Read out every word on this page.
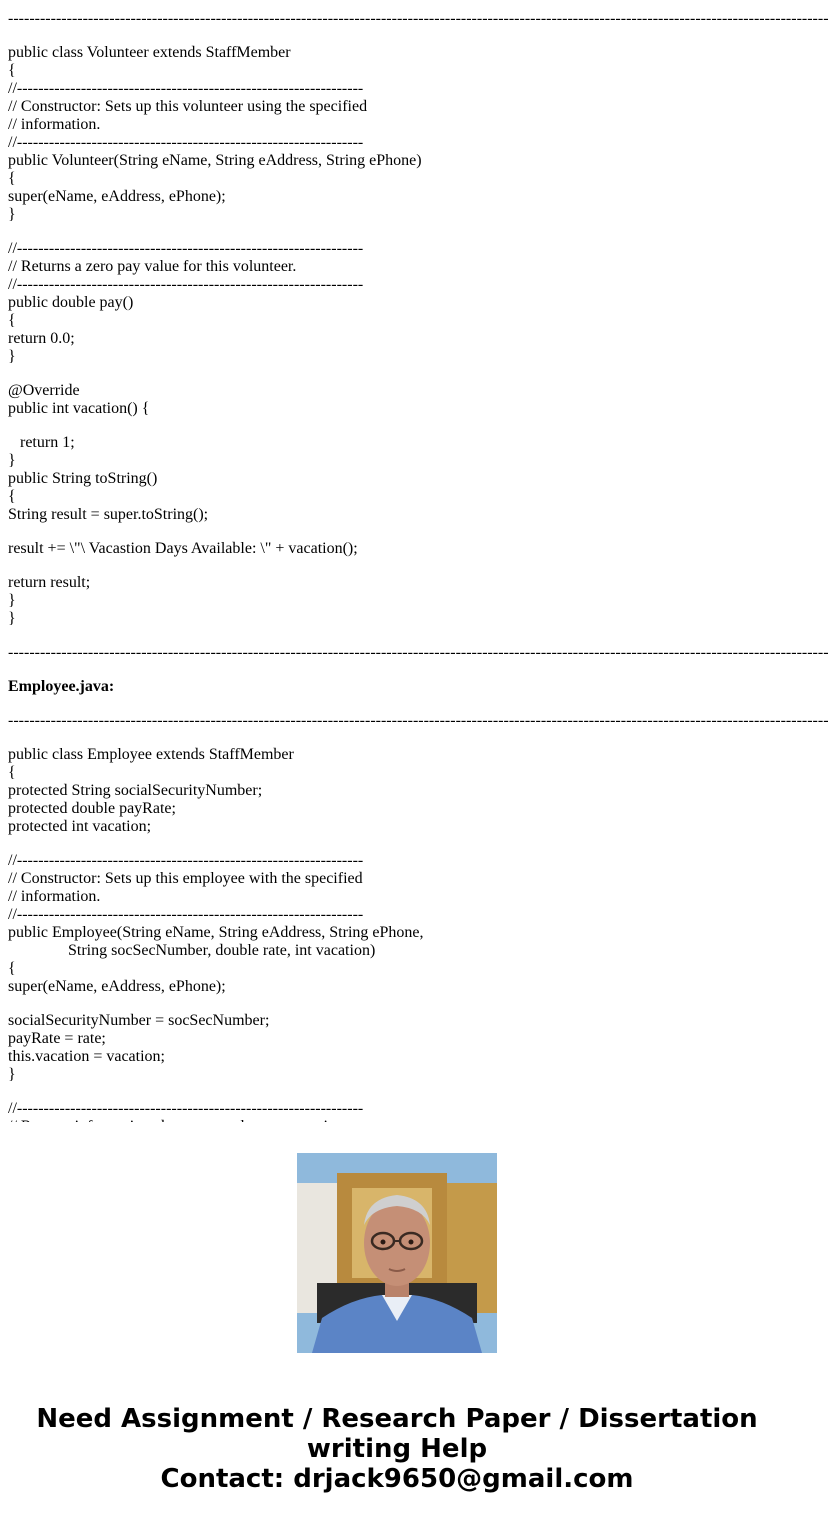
----------------------------------------------------------------------------------------------------------------------------------------------------------
public class Volunteer extends StaffMember
{
//-----------------------------------------------------------------
// Constructor: Sets up this volunteer using the specified
// information.
//-----------------------------------------------------------------
public Volunteer(String eName, String eAddress, String ePhone)
{
super(eName, eAddress, ePhone);
}
//-----------------------------------------------------------------
// Returns a zero pay value for this volunteer.
//-----------------------------------------------------------------
public double pay()
{
return 0.0;
}
@Override
public int vacation() {
return 1;
}
public String toString()
{
String result = super.toString();
result += \"\ Vacastion Days Available: \" + vacation();
return result;
}
}
----------------------------------------------------------------------------------------------------------------------------------------------------------
Employee.java:
----------------------------------------------------------------------------------------------------------------------------------------------------------
public class Employee extends StaffMember
{
protected String socialSecurityNumber;
protected double payRate;
protected int vacation;
//-----------------------------------------------------------------
// Constructor: Sets up this employee with the specified
// information.
//-----------------------------------------------------------------
public Employee(String eName, String eAddress, String ePhone,
String socSecNumber, double rate, int vacation)
{
super(eName, eAddress, ePhone);
socialSecurityNumber = socSecNumber;
payRate = rate;
this.vacation = vacation;
}
//-----------------------------------------------------------------
Need Assignment / Research Paper / Dissertation
writing Help
Contact: drjack9650@gmail.com
